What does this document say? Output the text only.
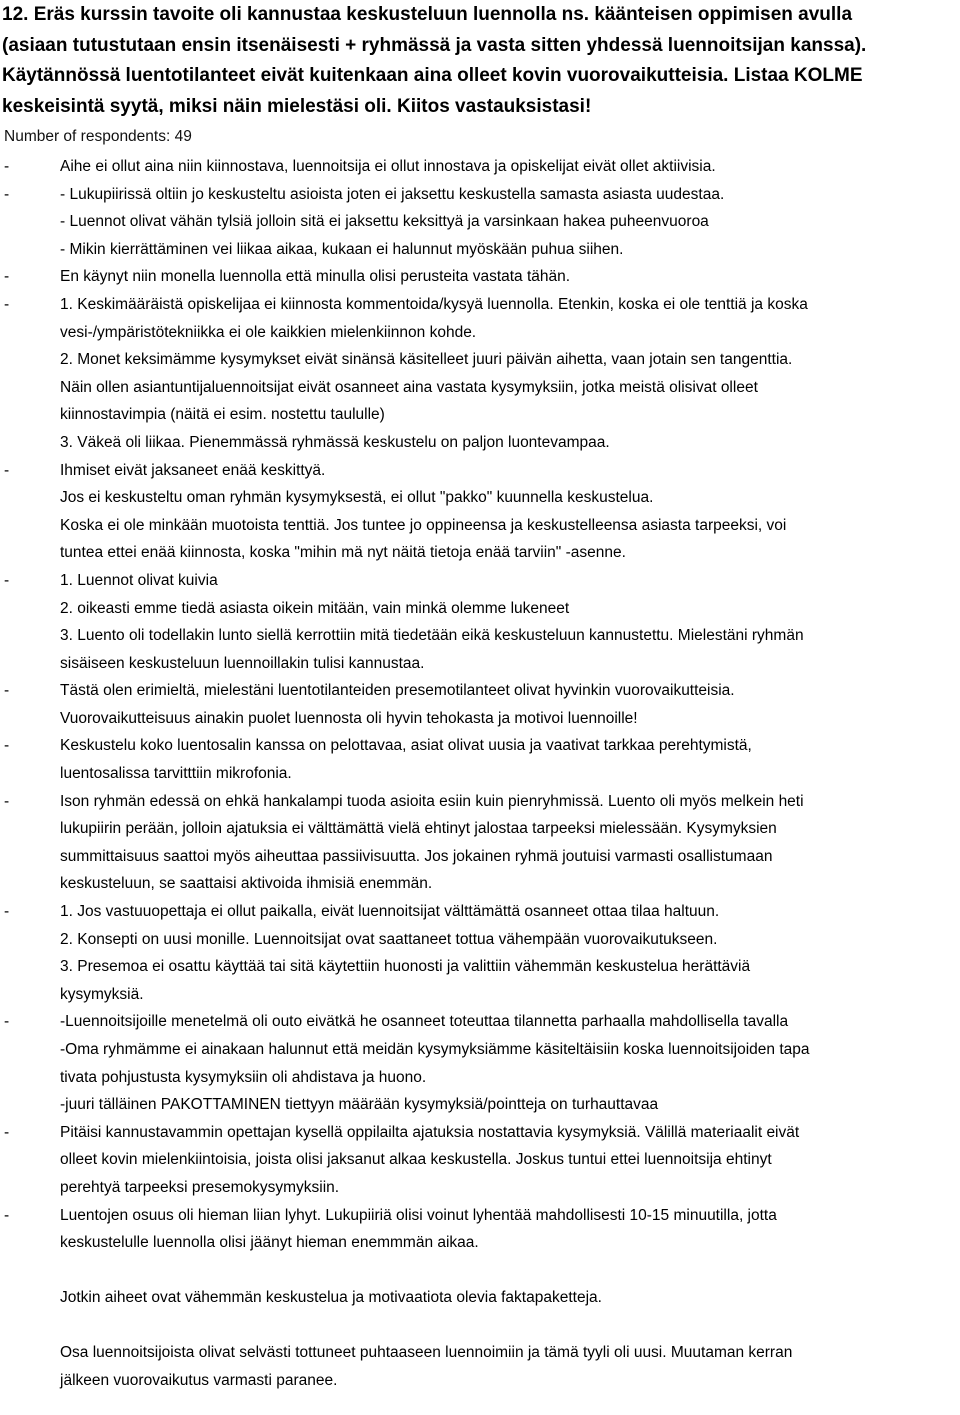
12. Eräs kurssin tavoite oli kannustaa keskusteluun luennolla ns. käänteisen oppimisen avulla
(asiaan tutustutaan ensin itsenäisesti + ryhmässä ja vasta sitten yhdessä luennoitsijan kanssa).
Käytännössä luentotilanteet eivät kuitenkaan aina olleet kovin vuorovaikutteisia. Listaa KOLME
keskeisintä syytä, miksi näin mielestäsi oli. Kiitos vastauksistasi!
Number of respondents: 49
-	Aihe ei ollut aina niin kiinnostava, luennoitsija ei ollut innostava ja opiskelijat eivät ollet aktiivisia.
-	- Lukupiirissä oltiin jo keskusteltu asioista joten ei jaksettu keskustella samasta asiasta uudestaa.
- Luennot olivat vähän tylsiä jolloin sitä ei jaksettu keksittyä ja varsinkaan hakea puheenvuoroa
- Mikin kierrättäminen vei liikaa aikaa, kukaan ei halunnut myöskään puhua siihen.
-	En käynyt niin monella luennolla että minulla olisi perusteita vastata tähän.
-	1. Keskimääräistä opiskelijaa ei kiinnosta kommentoida/kysyä luennolla. Etenkin, koska ei ole tenttiä ja koska
vesi-/ympäristötekniikka ei ole kaikkien mielenkiinnon kohde.
2. Monet keksimämme kysymykset eivät sinänsä käsitelleet juuri päivän aihetta, vaan jotain sen tangenttia.
Näin ollen asiantuntijaluennoitsijat eivät osanneet aina vastata kysymyksiin, jotka meistä olisivat olleet
kiinnostavimpia (näitä ei esim. nostettu taululle)
3. Väkeä oli liikaa. Pienemmässä ryhmässä keskustelu on paljon luontevampaa.
-	Ihmiset eivät jaksaneet enää keskittyä.
Jos ei keskusteltu oman ryhmän kysymyksestä, ei ollut "pakko" kuunnella keskustelua.
Koska ei ole minkään muotoista tenttiä. Jos tuntee jo oppineensa ja keskustelleensa asiasta tarpeeksi, voi
tuntea ettei enää kiinnosta, koska "mihin mä nyt näitä tietoja enää tarviin" -asenne.
-	1. Luennot olivat kuivia
2. oikeasti emme tiedä asiasta oikein mitään, vain minkä olemme lukeneet
3. Luento oli todellakin lunto siellä kerrottiin mitä tiedetään eikä keskusteluun kannustettu. Mielestäni ryhmän
sisäiseen keskusteluun luennoillakin tulisi kannustaa.
-	Tästä olen erimieltä, mielestäni luentotilanteiden presemotilanteet olivat hyvinkin vuorovaikutteisia.
Vuorovaikutteisuus ainakin puolet luennosta oli hyvin tehokasta ja motivoi luennoille!
-	Keskustelu koko luentosalin kanssa on pelottavaa, asiat olivat uusia ja vaativat tarkkaa perehtymistä,
luentosalissa tarvitttiin mikrofonia.
-	Ison ryhmän edessä on ehkä hankalampi tuoda asioita esiin kuin pienryhmissä. Luento oli myös melkein heti
lukupiirin perään, jolloin ajatuksia ei välttämättä vielä ehtinyt jalostaa tarpeeksi mielessään. Kysymyksien
summittaisuus saattoi myös aiheuttaa passiivisuutta. Jos jokainen ryhmä joutuisi varmasti osallistumaan
keskusteluun, se saattaisi aktivoida ihmisiä enemmän.
-	1. Jos vastuuopettaja ei ollut paikalla, eivät luennoitsijat välttämättä osanneet ottaa tilaa haltuun.
2. Konsepti on uusi monille. Luennoitsijat ovat saattaneet tottua vähempään vuorovaikutukseen.
3. Presemoa ei osattu käyttää tai sitä käytettiin huonosti ja valittiin vähemmän keskustelua herättäviä
kysymyksiä.
-	-Luennoitsijoille menetelmä oli outo eivätkä he osanneet toteuttaa tilannetta parhaalla mahdollisella tavalla
-Oma ryhmämme ei ainakaan halunnut että meidän kysymyksiämme käsiteltäisiin koska luennoitsijoiden tapa
tivata pohjustusta kysymyksiin oli ahdistava ja huono.
-juuri tälläinen PAKOTTAMINEN tiettyyn määrään kysymyksiä/pointteja on turhauttavaa
-	Pitäisi kannustavammin opettajan kysellä oppilailta ajatuksia nostattavia kysymyksiä. Välillä materiaalit eivät
olleet kovin mielenkiintoisia, joista olisi jaksanut alkaa keskustella. Joskus tuntui ettei luennoitsija ehtinyt
perehtyä tarpeeksi presemokysymyksiin.
-	Luentojen osuus oli hieman liian lyhyt. Lukupiiriä olisi voinut lyhentää mahdollisesti 10-15 minuutilla, jotta
keskustelulle luennolla olisi jäänyt hieman enemmmän aikaa.
Jotkin aiheet ovat vähemmän keskustelua ja motivaatiota olevia faktapaketteja.
Osa luennoitsijoista olivat selvästi tottuneet puhtaaseen luennoimiin ja tämä tyyli oli uusi. Muutaman kerran
jälkeen vuorovaikutus varmasti paranee.
